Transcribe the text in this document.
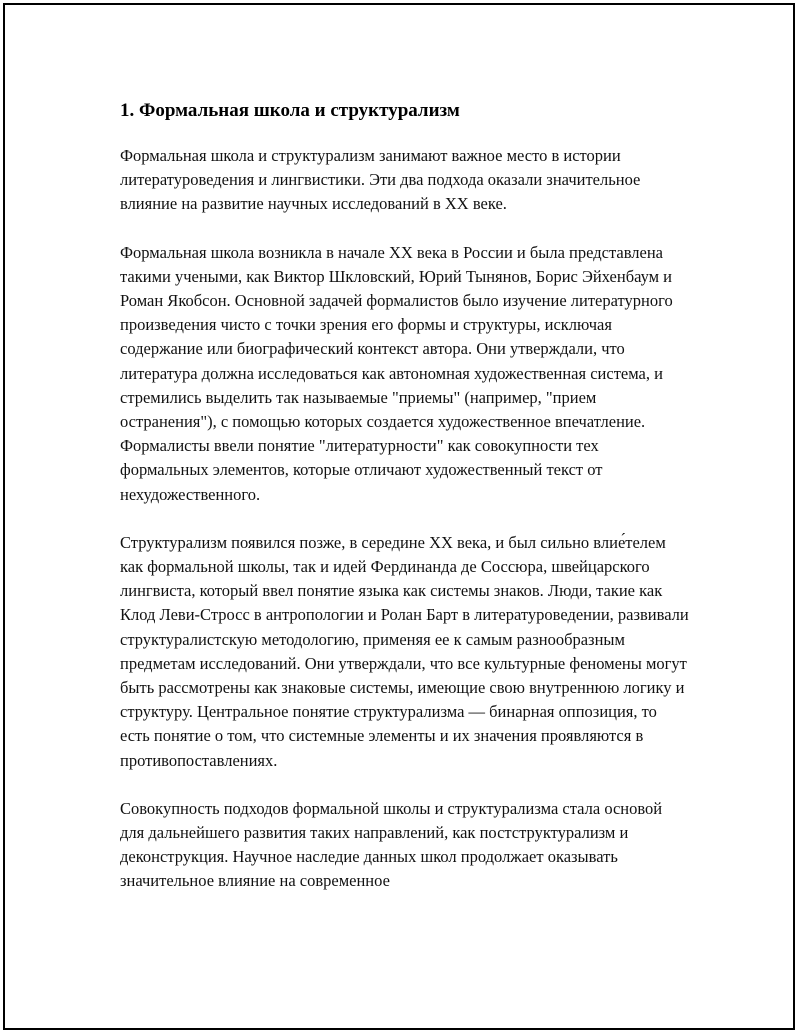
1. Формальная школа и структурализм

Формальная школа и структурализм занимают важное место в истории литературоведения и лингвистики. Эти два подхода оказали значительное влияние на развитие научных исследований в XX веке.

Формальная школа возникла в начале XX века в России и была представлена такими учеными, как Виктор Шкловский, Юрий Тынянов, Борис Эйхенбаум и Роман Якобсон. Основной задачей формалистов было изучение литературного произведения чисто с точки зрения его формы и структуры, исключая содержание или биографический контекст автора. Они утверждали, что литература должна исследоваться как автономная художественная система, и стремились выделить так называемые "приемы" (например, "прием остранения"), с помощью которых создается художественное впечатление. Формалисты ввели понятие "литературности" как совокупности тех формальных элементов, которые отличают художественный текст от нехудожественного.

Структурализм появился позже, в середине XX века, и был сильно влие́телем как формальной школы, так и идей Фердинанда де Соссюра, швейцарского лингвиста, который ввел понятие языка как системы знаков. Люди, такие как Клод Леви-Стросс в антропологии и Ролан Барт в литературоведении, развивали структуралистскую методологию, применяя ее к самым разнообразным предметам исследований. Они утверждали, что все культурные феномены могут быть рассмотрены как знаковые системы, имеющие свою внутреннюю логику и структуру. Центральное понятие структурализма — бинарная оппозиция, то есть понятие о том, что системные элементы и их значения проявляются в противопоставлениях.

Совокупность подходов формальной школы и структурализма стала основой для дальнейшего развития таких направлений, как постструктурализм и деконструкция. Научное наследие данных школ продолжает оказывать значительное влияние на современное
